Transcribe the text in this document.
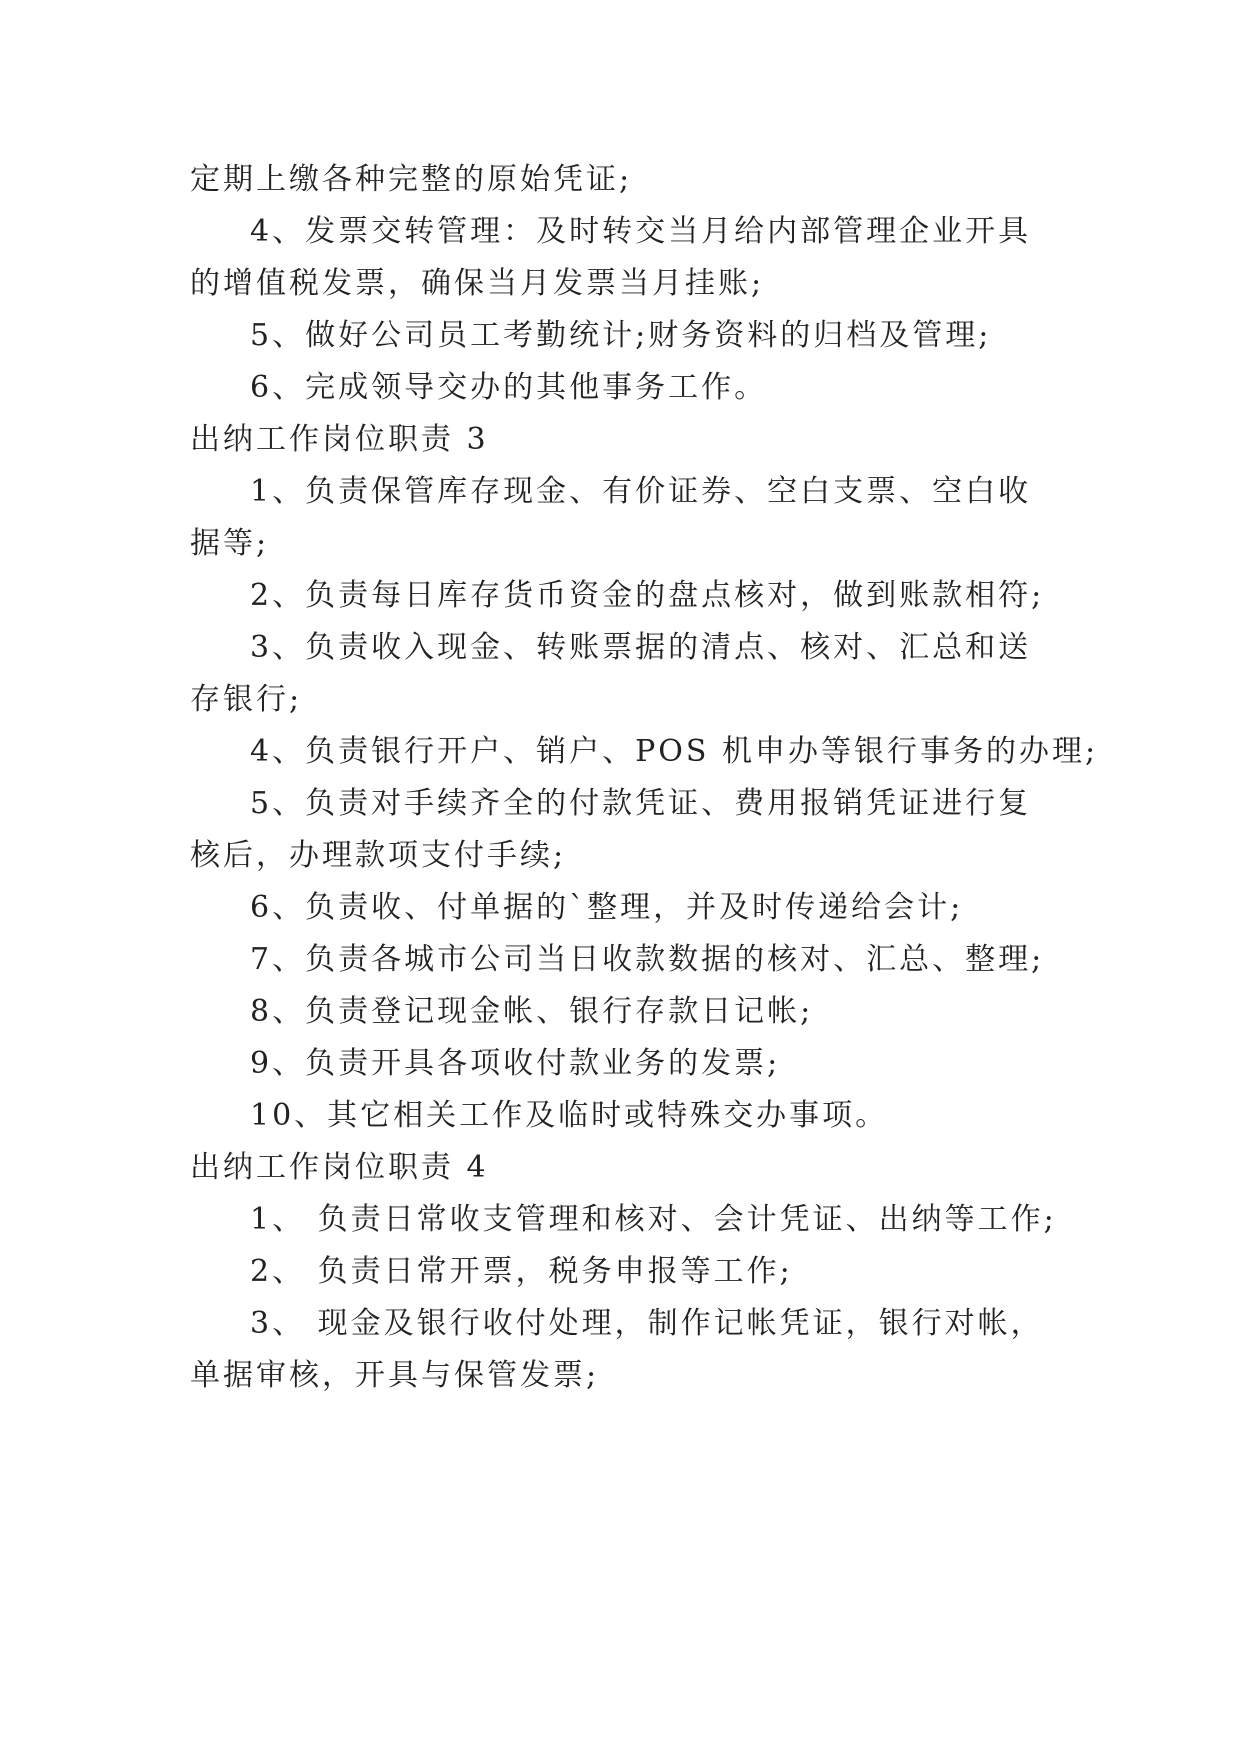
定期上缴各种完整的原始凭证;
4、发票交转管理：及时转交当月给内部管理企业开具
的增值税发票，确保当月发票当月挂账;
5、做好公司员工考勤统计;财务资料的归档及管理;
6、完成领导交办的其他事务工作。
出纳工作岗位职责 3
1、负责保管库存现金、有价证券、空白支票、空白收
据等;
2、负责每日库存货币资金的盘点核对，做到账款相符;
3、负责收入现金、转账票据的清点、核对、汇总和送
存银行;
4、负责银行开户、销户、POS 机申办等银行事务的办理;
5、负责对手续齐全的付款凭证、费用报销凭证进行复
核后，办理款项支付手续;
6、负责收、付单据的`整理，并及时传递给会计;
7、负责各城市公司当日收款数据的核对、汇总、整理;
8、负责登记现金帐、银行存款日记帐;
9、负责开具各项收付款业务的发票;
10、其它相关工作及临时或特殊交办事项。
出纳工作岗位职责 4
1、 负责日常收支管理和核对、会计凭证、出纳等工作;
2、 负责日常开票，税务申报等工作;
3、 现金及银行收付处理，制作记帐凭证，银行对帐，
单据审核，开具与保管发票;
